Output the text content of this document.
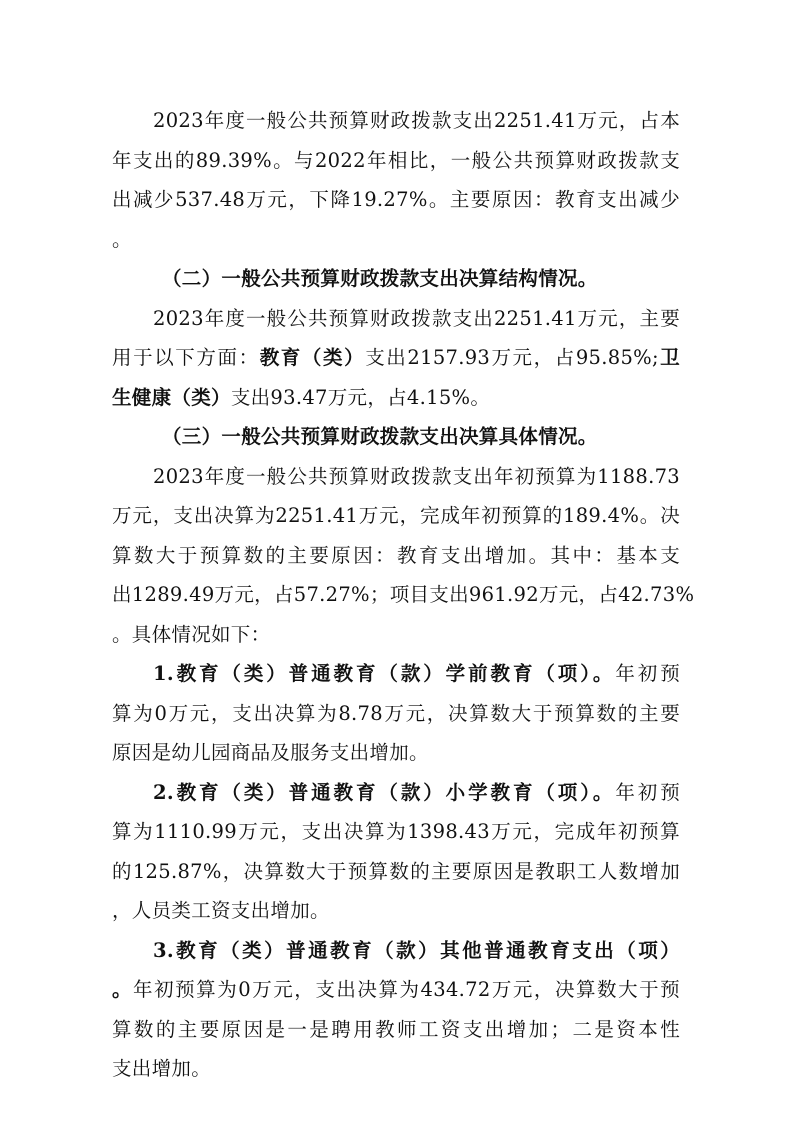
2023年度一般公共预算财政拨款支出2251.41万元，占本
年支出的89.39%。与2022年相比，一般公共预算财政拨款支
出减少537.48万元，下降19.27%。主要原因：教育支出减少
。
（二）一般公共预算财政拨款支出决算结构情况。
2023年度一般公共预算财政拨款支出2251.41万元，主要
用于以下方面：教育（类）支出2157.93万元，占95.85%;卫
生健康（类）支出93.47万元，占4.15%。
（三）一般公共预算财政拨款支出决算具体情况。
2023年度一般公共预算财政拨款支出年初预算为1188.73
万元，支出决算为2251.41万元，完成年初预算的189.4%。决
算数大于预算数的主要原因：教育支出增加。其中：基本支
出1289.49万元，占57.27%；项目支出961.92万元，占42.73%
。具体情况如下：
1.教育（类）普通教育（款）学前教育（项）。年初预
算为0万元，支出决算为8.78万元，决算数大于预算数的主要
原因是幼儿园商品及服务支出增加。
2.教育（类）普通教育（款）小学教育（项）。年初预
算为1110.99万元，支出决算为1398.43万元，完成年初预算
的125.87%，决算数大于预算数的主要原因是教职工人数增加
，人员类工资支出增加。
3.教育（类）普通教育（款）其他普通教育支出（项）
。年初预算为0万元，支出决算为434.72万元，决算数大于预
算数的主要原因是一是聘用教师工资支出增加；二是资本性
支出增加。
